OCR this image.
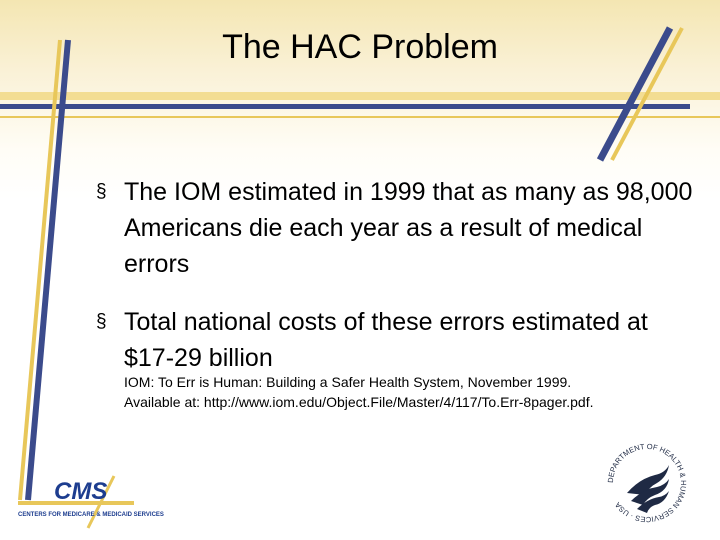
The HAC Problem
§ The IOM estimated in 1999 that as many as 98,000 Americans die each year as a result of medical errors
§ Total national costs of these errors estimated at $17-29 billion
IOM: To Err is Human: Building a Safer Health System, November 1999.
Available at: http://www.iom.edu/Object.File/Master/4/117/To.Err-8pager.pdf.
CMS
CENTERS FOR MEDICARE & MEDICAID SERVICES
DEPARTMENT OF HEALTH & HUMAN SERVICES · USA
